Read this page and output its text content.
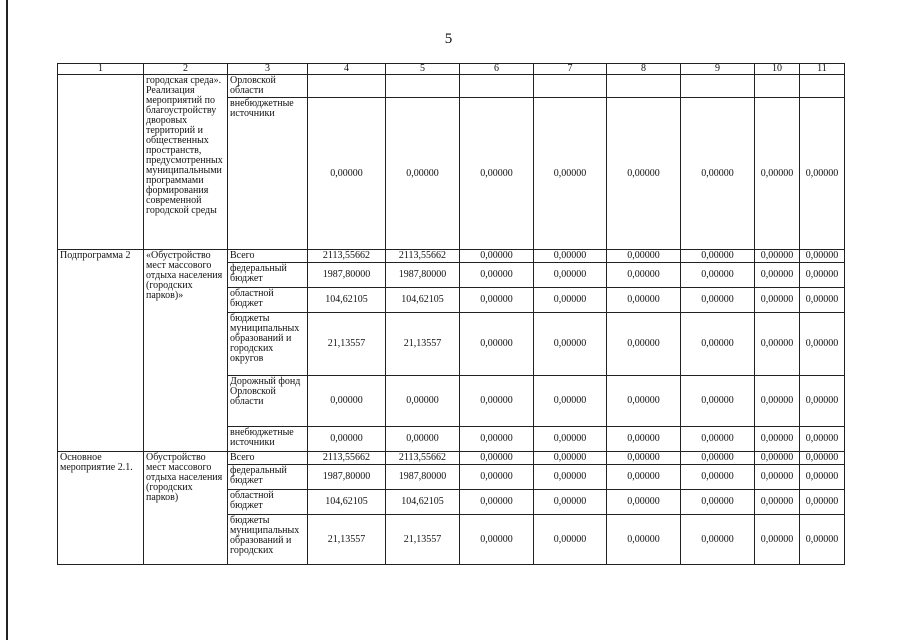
5
1	2	3	4	5	6	7	8	9	10	11
	городская среда». Реализация мероприятий по благоустройству дворовых территорий и общественных пространств, предусмотренных муниципальными программами формирования современной городской среды	Орловской области								
		внебюджетные источники	0,00000	0,00000	0,00000	0,00000	0,00000	0,00000	0,00000	0,00000
Подпрограмма 2	«Обустройство мест массового отдыха населения (городских парков)»	Всего	2113,55662	2113,55662	0,00000	0,00000	0,00000	0,00000	0,00000	0,00000
		федеральный бюджет	1987,80000	1987,80000	0,00000	0,00000	0,00000	0,00000	0,00000	0,00000
		областной бюджет	104,62105	104,62105	0,00000	0,00000	0,00000	0,00000	0,00000	0,00000
		бюджеты муниципальных образований и городских округов	21,13557	21,13557	0,00000	0,00000	0,00000	0,00000	0,00000	0,00000
		Дорожный фонд Орловской области	0,00000	0,00000	0,00000	0,00000	0,00000	0,00000	0,00000	0,00000
		внебюджетные источники	0,00000	0,00000	0,00000	0,00000	0,00000	0,00000	0,00000	0,00000
Основное мероприятие 2.1.	Обустройство мест массового отдыха населения (городских парков)	Всего	2113,55662	2113,55662	0,00000	0,00000	0,00000	0,00000	0,00000	0,00000
		федеральный бюджет	1987,80000	1987,80000	0,00000	0,00000	0,00000	0,00000	0,00000	0,00000
		областной бюджет	104,62105	104,62105	0,00000	0,00000	0,00000	0,00000	0,00000	0,00000
		бюджеты муниципальных образований и городских	21,13557	21,13557	0,00000	0,00000	0,00000	0,00000	0,00000	0,00000
